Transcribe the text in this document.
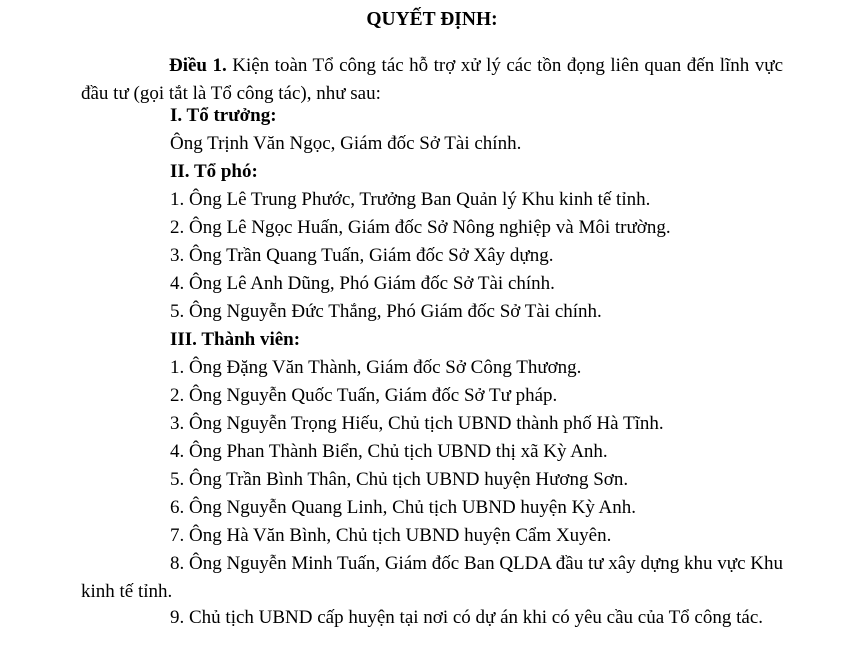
QUYẾT ĐỊNH:
Điều 1. Kiện toàn Tổ công tác hỗ trợ xử lý các tồn đọng liên quan đến lĩnh vực đầu tư (gọi tắt là Tổ công tác), như sau:
I. Tổ trưởng:
Ông Trịnh Văn Ngọc, Giám đốc Sở Tài chính.
II. Tổ phó:
1. Ông Lê Trung Phước, Trưởng Ban Quản lý Khu kinh tế tỉnh.
2. Ông Lê Ngọc Huấn, Giám đốc Sở Nông nghiệp và Môi trường.
3. Ông Trần Quang Tuấn, Giám đốc Sở Xây dựng.
4. Ông Lê Anh Dũng, Phó Giám đốc Sở Tài chính.
5. Ông Nguyễn Đức Thắng, Phó Giám đốc Sở Tài chính.
III. Thành viên:
1. Ông Đặng Văn Thành, Giám đốc Sở Công Thương.
2. Ông Nguyễn Quốc Tuấn, Giám đốc Sở Tư pháp.
3. Ông Nguyễn Trọng Hiếu, Chủ tịch UBND thành phố Hà Tĩnh.
4. Ông Phan Thành Biển, Chủ tịch UBND thị xã Kỳ Anh.
5. Ông Trần Bình Thân, Chủ tịch UBND huyện Hương Sơn.
6. Ông Nguyễn Quang Linh, Chủ tịch UBND huyện Kỳ Anh.
7. Ông Hà Văn Bình, Chủ tịch UBND huyện Cẩm Xuyên.
8. Ông Nguyễn Minh Tuấn, Giám đốc Ban QLDA đầu tư xây dựng khu vực Khu kinh tế tỉnh.
9. Chủ tịch UBND cấp huyện tại nơi có dự án khi có yêu cầu của Tổ công tác.
